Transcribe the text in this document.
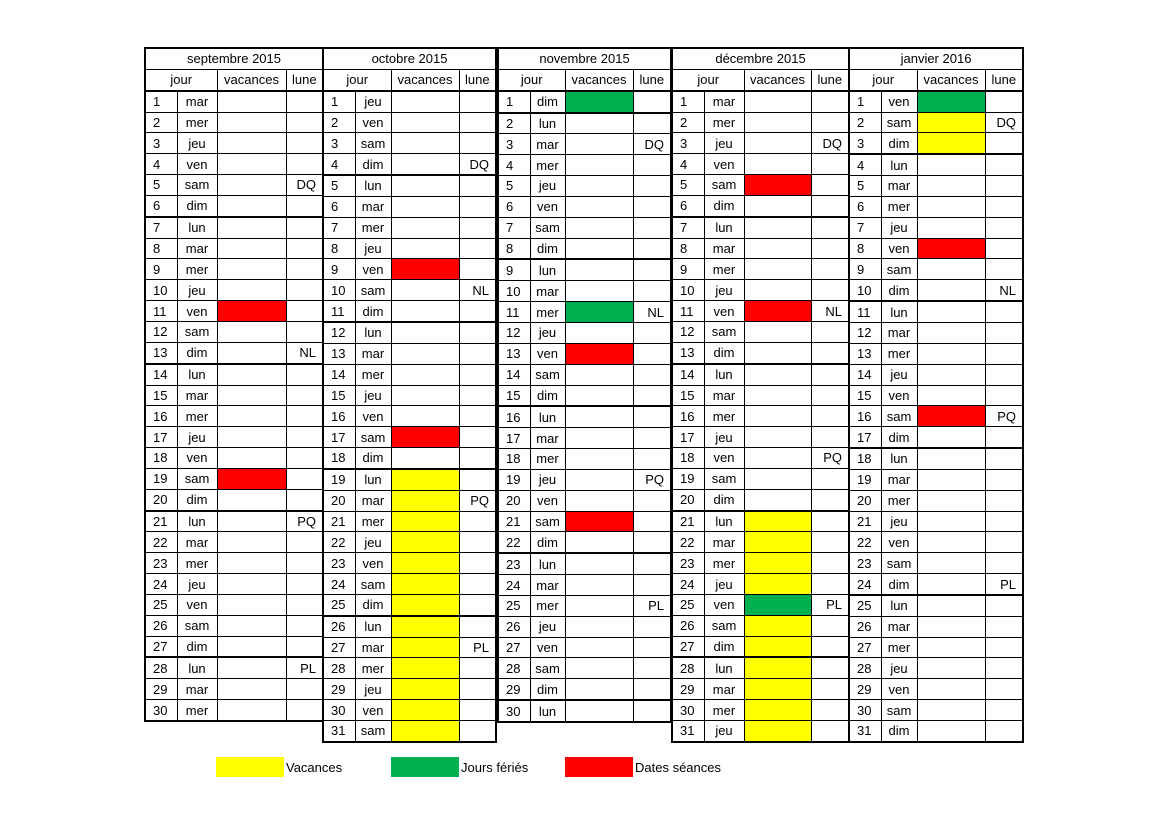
septembre 2015			
jour		vacances	lune
1	mar		
2	mer		
3	jeu		
4	ven		
5	sam		DQ
6	dim		
7	lun		
8	mar		
9	mer		
10	jeu		
11	ven		
12	sam		
13	dim		NL
14	lun		
15	mar		
16	mer		
17	jeu		
18	ven		
19	sam		
20	dim		
21	lun		PQ
22	mar		
23	mer		
24	jeu		
25	ven		
26	sam		
27	dim		
28	lun		PL
29	mar		
30	mer		
octobre 2015			
jour		vacances	lune
1	jeu		
2	ven		
3	sam		
4	dim		DQ
5	lun		
6	mar		
7	mer		
8	jeu		
9	ven		
10	sam		NL
11	dim		
12	lun		
13	mar		
14	mer		
15	jeu		
16	ven		
17	sam		
18	dim		
19	lun		
20	mar		PQ
21	mer		
22	jeu		
23	ven		
24	sam		
25	dim		
26	lun		
27	mar		PL
28	mer		
29	jeu		
30	ven		
31	sam		
novembre 2015			
jour		vacances	lune
1	dim		
2	lun		
3	mar		DQ
4	mer		
5	jeu		
6	ven		
7	sam		
8	dim		
9	lun		
10	mar		
11	mer		NL
12	jeu		
13	ven		
14	sam		
15	dim		
16	lun		
17	mar		
18	mer		
19	jeu		PQ
20	ven		
21	sam		
22	dim		
23	lun		
24	mar		
25	mer		PL
26	jeu		
27	ven		
28	sam		
29	dim		
30	lun		
décembre 2015			
jour		vacances	lune
1	mar		
2	mer		
3	jeu		DQ
4	ven		
5	sam		
6	dim		
7	lun		
8	mar		
9	mer		
10	jeu		
11	ven		NL
12	sam		
13	dim		
14	lun		
15	mar		
16	mer		
17	jeu		
18	ven		PQ
19	sam		
20	dim		
21	lun		
22	mar		
23	mer		
24	jeu		
25	ven		PL
26	sam		
27	dim		
28	lun		
29	mar		
30	mer		
31	jeu		
janvier 2016			
jour		vacances	lune
1	ven		
2	sam		DQ
3	dim		
4	lun		
5	mar		
6	mer		
7	jeu		
8	ven		
9	sam		
10	dim		NL
11	lun		
12	mar		
13	mer		
14	jeu		
15	ven		
16	sam		PQ
17	dim		
18	lun		
19	mar		
20	mer		
21	jeu		
22	ven		
23	sam		
24	dim		PL
25	lun		
26	mar		
27	mer		
28	jeu		
29	ven		
30	sam		
31	dim		
Vacances	Jours fériés	Dates séances
